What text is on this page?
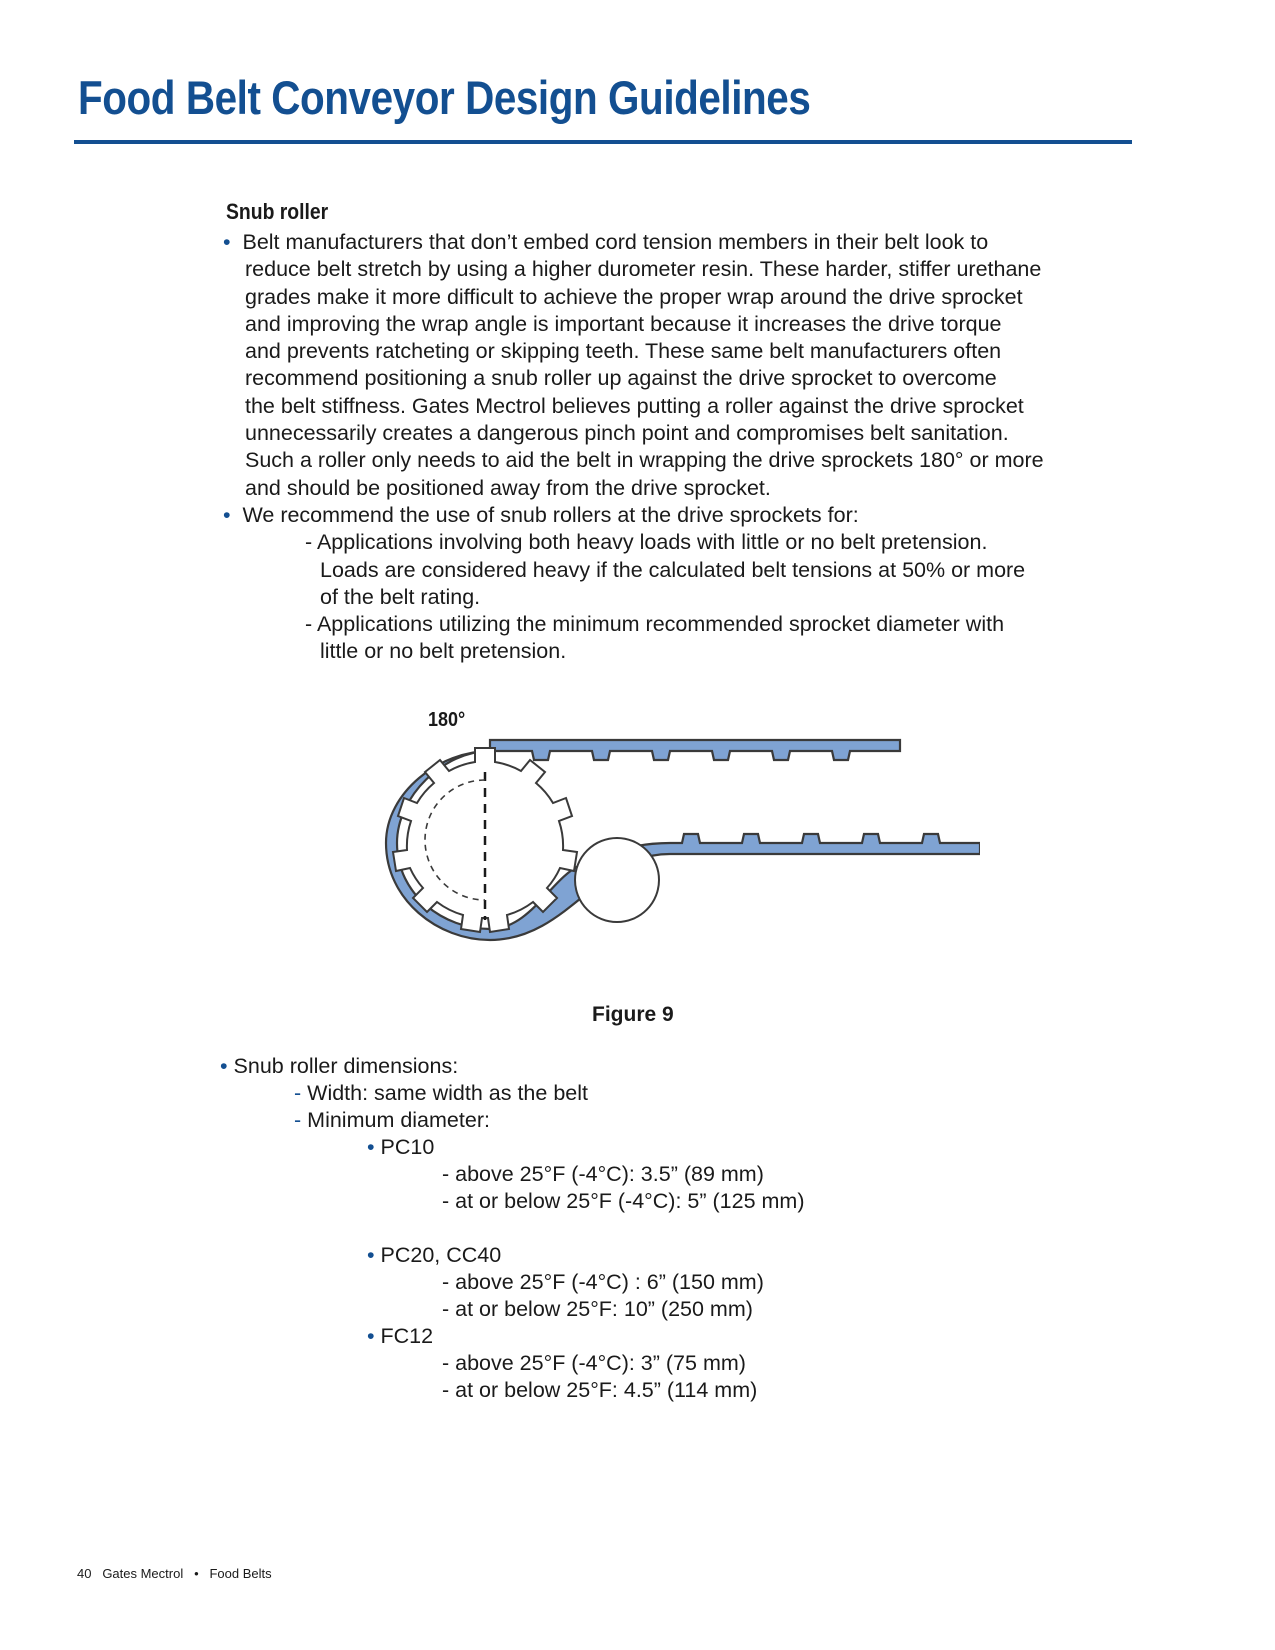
Food Belt Conveyor Design Guidelines
Snub roller
• Belt manufacturers that don’t embed cord tension members in their belt look to
reduce belt stretch by using a higher durometer resin. These harder, stiffer urethane
grades make it more difficult to achieve the proper wrap around the drive sprocket
and improving the wrap angle is important because it increases the drive torque
and prevents ratcheting or skipping teeth. These same belt manufacturers often
recommend positioning a snub roller up against the drive sprocket to overcome
the belt stiffness. Gates Mectrol believes putting a roller against the drive sprocket
unnecessarily creates a dangerous pinch point and compromises belt sanitation.
Such a roller only needs to aid the belt in wrapping the drive sprockets 180° or more
and should be positioned away from the drive sprocket.
• We recommend the use of snub rollers at the drive sprockets for:
- Applications involving both heavy loads with little or no belt pretension.
Loads are considered heavy if the calculated belt tensions at 50% or more
of the belt rating.
- Applications utilizing the minimum recommended sprocket diameter with
little or no belt pretension.
180°
Figure 9
• Snub roller dimensions:
- Width: same width as the belt
- Minimum diameter:
• PC10
- above 25°F (-4°C): 3.5” (89 mm)
- at or below 25°F (-4°C): 5” (125 mm)
• PC20, CC40
- above 25°F (-4°C) : 6” (150 mm)
- at or below 25°F: 10” (250 mm)
• FC12
- above 25°F (-4°C): 3” (75 mm)
- at or below 25°F: 4.5” (114 mm)
40 Gates Mectrol • Food Belts
